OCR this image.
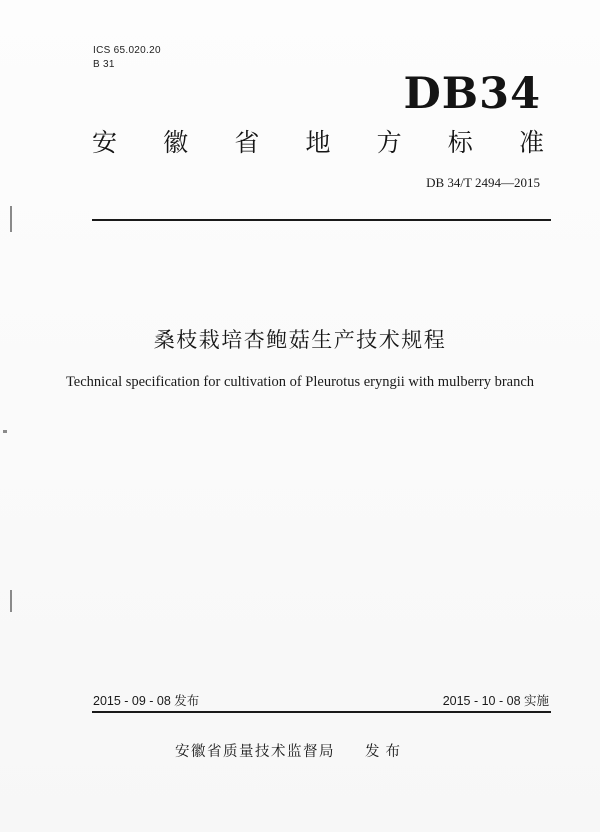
ICS 65.020.20
B 31
DB34
安 徽 省 地 方 标 准
DB 34/T 2494—2015
桑枝栽培杏鲍菇生产技术规程
Technical specification for cultivation of Pleurotus eryngii with mulberry branch
2015 - 09 - 08 发布	2015 - 10 - 08 实施
安徽省质量技术监督局 发布
